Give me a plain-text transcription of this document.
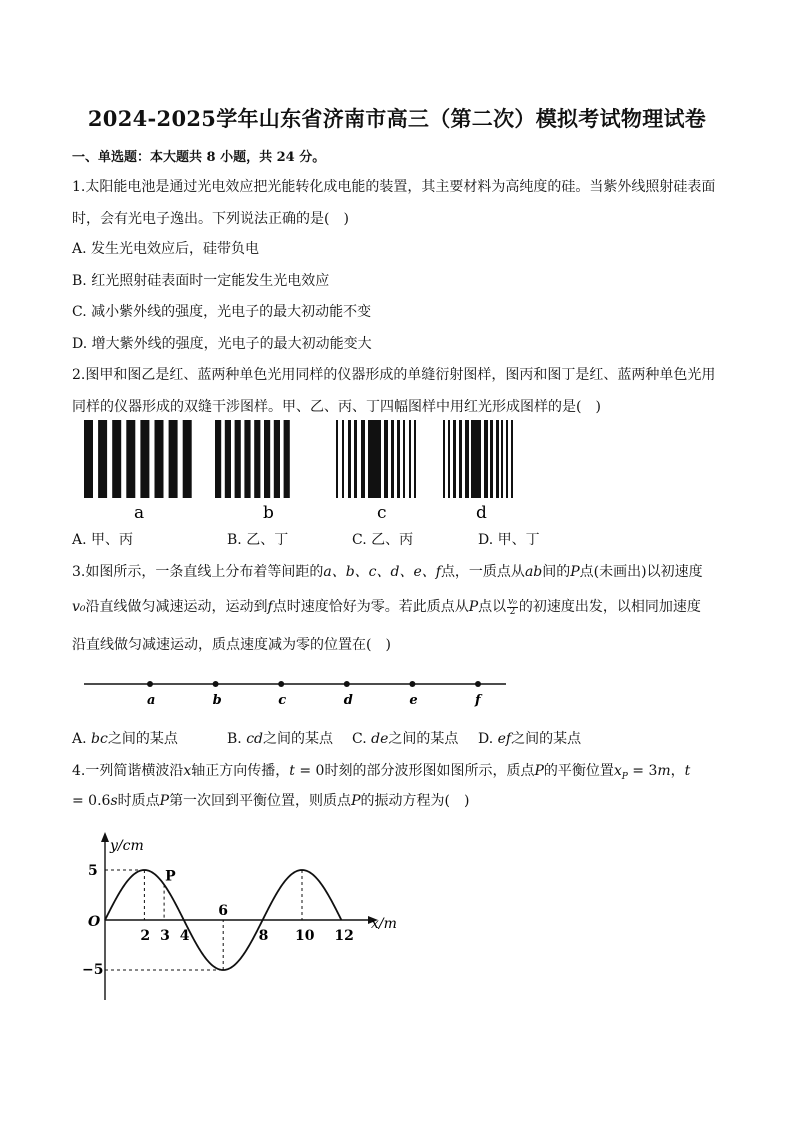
2024-2025学年山东省济南市高三（第二次）模拟考试物理试卷
一、单选题：本大题共 8 小题，共 24 分。
1.太阳能电池是通过光电效应把光能转化成电能的装置，其主要材料为高纯度的硅。当紫外线照射硅表面
时，会有光电子逸出。下列说法正确的是(　)
A. 发生光电效应后，硅带负电
B. 红光照射硅表面时一定能发生光电效应
C. 减小紫外线的强度，光电子的最大初动能不变
D. 增大紫外线的强度，光电子的最大初动能变大
2.图甲和图乙是红、蓝两种单色光用同样的仪器形成的单缝衍射图样，图丙和图丁是红、蓝两种单色光用
同样的仪器形成的双缝干涉图样。甲、乙、丙、丁四幅图样中用红光形成图样的是(　)
a	b	c	d
A. 甲、丙	B. 乙、丁	C. 乙、丙	D. 甲、丁
3.如图所示，一条直线上分布着等间距的a、b、c、d、e、f点，一质点从ab间的P点(未画出)以初速度
v₀沿直线做匀减速运动，运动到f点时速度恰好为零。若此质点从P点以 $\frac{\text{v₀}}{2}$ 的初速度出发，以相同加速度
沿直线做匀减速运动，质点速度减为零的位置在(　)
a	b	c	d	e	f
A. bc之间的某点	B. cd之间的某点 C. de之间的某点 D. ef之间的某点
4.一列简谐横波沿x轴正方向传播，t = 0时刻的部分波形图如图所示，质点P的平衡位置$x_P = 3m$，t
= 0.6s时质点P第一次回到平衡位置，则质点P的振动方程为(　)
y/cm
x/m
O
5
−5
2 3 4	8 10 12
6
P
